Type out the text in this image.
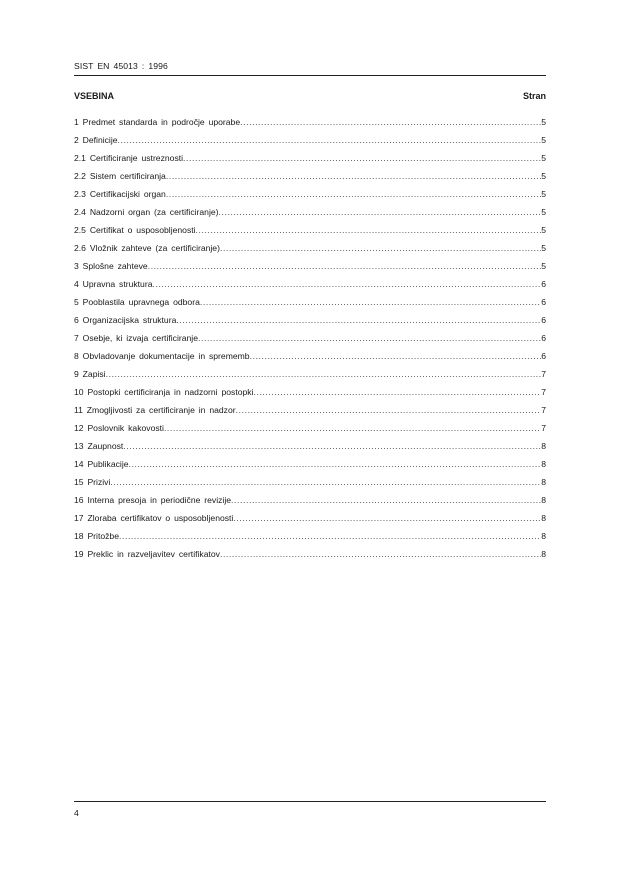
SIST EN 45013 : 1996
VSEBINA	Stran
1 Predmet standarda in področje uporabe .....	5
2 Definicije .....	5
2.1 Certificiranje ustreznosti .....	5
2.2 Sistem certificiranja .....	5
2.3 Certifikacijski organ .....	5
2.4 Nadzorni organ (za certificiranje) .....	5
2.5 Certifikat o usposobljenosti .....	5
2.6 Vložnik zahteve (za certificiranje) .....	5
3 Splošne zahteve .....	5
4 Upravna struktura .....	6
5 Pooblastila upravnega odbora .....	6
6 Organizacijska struktura .....	6
7 Osebje, ki izvaja certificiranje .....	6
8 Obvladovanje dokumentacije in sprememb .....	6
9 Zapisi .....	7
10 Postopki certificiranja in nadzorni postopki .....	7
11 Zmogljivosti za certificiranje in nadzor .....	7
12 Poslovnik kakovosti .....	7
13 Zaupnost .....	8
14 Publikacije .....	8
15 Prizivi .....	8
16 Interna presoja in periodične revizije .....	8
17 Zloraba certifikatov o usposobljenosti .....	8
18 Pritožbe .....	8
19 Preklic in razveljavitev certifikatov .....	8
4
